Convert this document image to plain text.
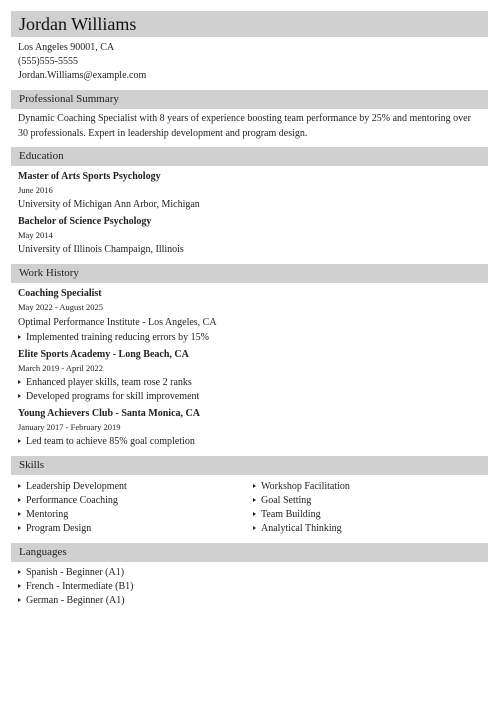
Jordan Williams
Los Angeles 90001, CA
(555)555-5555
Jordan.Williams@example.com
Professional Summary
Dynamic Coaching Specialist with 8 years of experience boosting team performance by 25% and mentoring over 30 professionals. Expert in leadership development and program design.
Education
Master of Arts Sports Psychology
June 2016
University of Michigan Ann Arbor, Michigan
Bachelor of Science Psychology
May 2014
University of Illinois Champaign, Illinois
Work History
Coaching Specialist
May 2022 - August 2025
Optimal Performance Institute - Los Angeles, CA
Implemented training reducing errors by 15%
Elite Sports Academy - Long Beach, CA
March 2019 - April 2022
Enhanced player skills, team rose 2 ranks
Developed programs for skill improvement
Young Achievers Club - Santa Monica, CA
January 2017 - February 2019
Led team to achieve 85% goal completion
Skills
Leadership Development
Performance Coaching
Mentoring
Program Design
Workshop Facilitation
Goal Setting
Team Building
Analytical Thinking
Languages
Spanish - Beginner (A1)
French - Intermediate (B1)
German - Beginner (A1)
